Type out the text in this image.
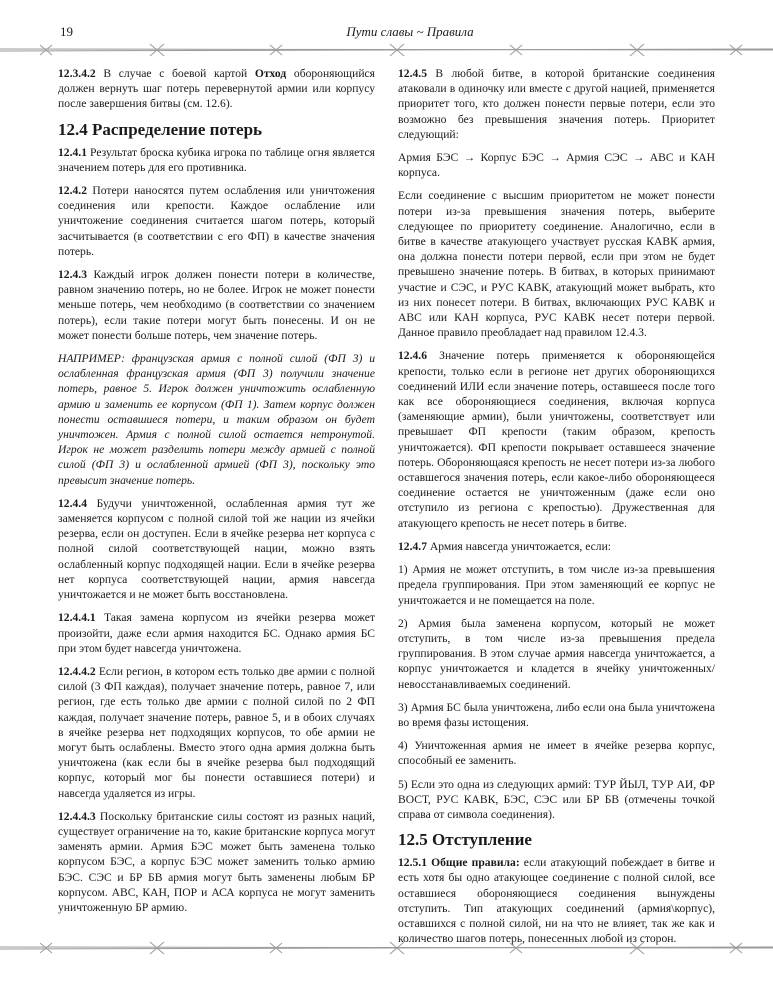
19	Пути славы ~ Правила

12.3.4.2 В случае с боевой картой Отход обороняющийся должен вернуть шаг потерь перевернутой армии или корпусу после завершения битвы (см. 12.6).

12.4 Распределение потерь

12.4.1 Результат броска кубика игрока по таблице огня является значением потерь для его противника.

12.4.2 Потери наносятся путем ослабления или уничтожения соединения или крепости. Каждое ослабление или уничтожение соединения считается шагом потерь, который засчитывается (в соответствии с его ФП) в качестве значения потерь.

12.4.3 Каждый игрок должен понести потери в количестве, равном значению потерь, но не более. Игрок не может понести меньше потерь, чем необходимо (в соответствии со значением потерь), если такие потери могут быть понесены. И он не может понести больше потерь, чем значение потерь.

НАПРИМЕР: французская армия с полной силой (ФП 3) и ослабленная французская армия (ФП 3) получили значение потерь, равное 5. Игрок должен уничтожить ослабленную армию и заменить ее корпусом (ФП 1). Затем корпус должен понести оставшиеся потери, и таким образом он будет уничтожен. Армия с полной силой остается нетронутой. Игрок не может разделить потери между армией с полной силой (ФП 3) и ослабленной армией (ФП 3), поскольку это превысит значение потерь.

12.4.4 Будучи уничтоженной, ослабленная армия тут же заменяется корпусом с полной силой той же нации из ячейки резерва, если он доступен. Если в ячейке резерва нет корпуса с полной силой соответствующей нации, можно взять ослабленный корпус подходящей нации. Если в ячейке резерва нет корпуса соответствующей нации, армия навсегда уничтожается и не может быть восстановлена.

12.4.4.1 Такая замена корпусом из ячейки резерва может произойти, даже если армия находится БС. Однако армия БС при этом будет навсегда уничтожена.

12.4.4.2 Если регион, в котором есть только две армии с полной силой (3 ФП каждая), получает значение потерь, равное 7, или регион, где есть только две армии с полной силой по 2 ФП каждая, получает значение потерь, равное 5, и в обоих случаях в ячейке резерва нет подходящих корпусов, то обе армии не могут быть ослаблены. Вместо этого одна армия должна быть уничтожена (как если бы в ячейке резерва был подходящий корпус, который мог бы понести оставшиеся потери) и навсегда удаляется из игры.

12.4.4.3 Поскольку британские силы состоят из разных наций, существует ограничение на то, какие британские корпуса могут заменять армии. Армия БЭС может быть заменена только корпусом БЭС, а корпус БЭС может заменить только армию БЭС. СЭС и БР БВ армия могут быть заменены любым БР корпусом. АВС, КАН, ПОР и АСА корпуса не могут заменить уничтоженную БР армию.

12.4.5 В любой битве, в которой британские соединения атаковали в одиночку или вместе с другой нацией, применяется приоритет того, кто должен понести первые потери, если это возможно без превышения значения потерь. Приоритет следующий:

Армия БЭС → Корпус БЭС → Армия СЭС → АВС и КАН корпуса.

Если соединение с высшим приоритетом не может понести потери из-за превышения значения потерь, выберите следующее по приоритету соединение. Аналогично, если в битве в качестве атакующего участвует русская КАВК армия, она должна понести потери первой, если при этом не будет превышено значение потерь. В битвах, в которых принимают участие и СЭС, и РУС КАВК, атакующий может выбрать, кто из них понесет потери. В битвах, включающих РУС КАВК и АВС или КАН корпуса, РУС КАВК несет потери первой. Данное правило преобладает над правилом 12.4.3.

12.4.6 Значение потерь применяется к обороняющейся крепости, только если в регионе нет других обороняющихся соединений ИЛИ если значение потерь, оставшееся после того как все обороняющиеся соединения, включая корпуса (заменяющие армии), были уничтожены, соответствует или превышает ФП крепости (таким образом, крепость уничтожается). ФП крепости покрывает оставшееся значение потерь. Обороняющаяся крепость не несет потери из-за любого оставшегося значения потерь, если какое-либо обороняющееся соединение остается не уничтоженным (даже если оно отступило из региона с крепостью). Дружественная для атакующего крепость не несет потерь в битве.

12.4.7 Армия навсегда уничтожается, если:

1) Армия не может отступить, в том числе из-за превышения предела группирования. При этом заменяющий ее корпус не уничтожается и не помещается на поле.

2) Армия была заменена корпусом, который не может отступить, в том числе из-за превышения предела группирования. В этом случае армия навсегда уничтожается, а корпус уничтожается и кладется в ячейку уничтоженных/невосстанавливаемых соединений.

3) Армия БС была уничтожена, либо если она была уничтожена во время фазы истощения.

4) Уничтоженная армия не имеет в ячейке резерва корпус, способный ее заменить.

5) Если это одна из следующих армий: ТУР ЙЫЛ, ТУР АИ, ФР ВОСТ, РУС КАВК, БЭС, СЭС или БР БВ (отмечены точкой справа от символа соединения).

12.5 Отступление

12.5.1 Общие правила: если атакующий побеждает в битве и есть хотя бы одно атакующее соединение с полной силой, все оставшиеся обороняющиеся соединения вынуждены отступить. Тип атакующих соединений (армия\корпус), оставшихся с полной силой, ни на что не влияет, так же как и количество шагов потерь, понесенных любой из сторон.
